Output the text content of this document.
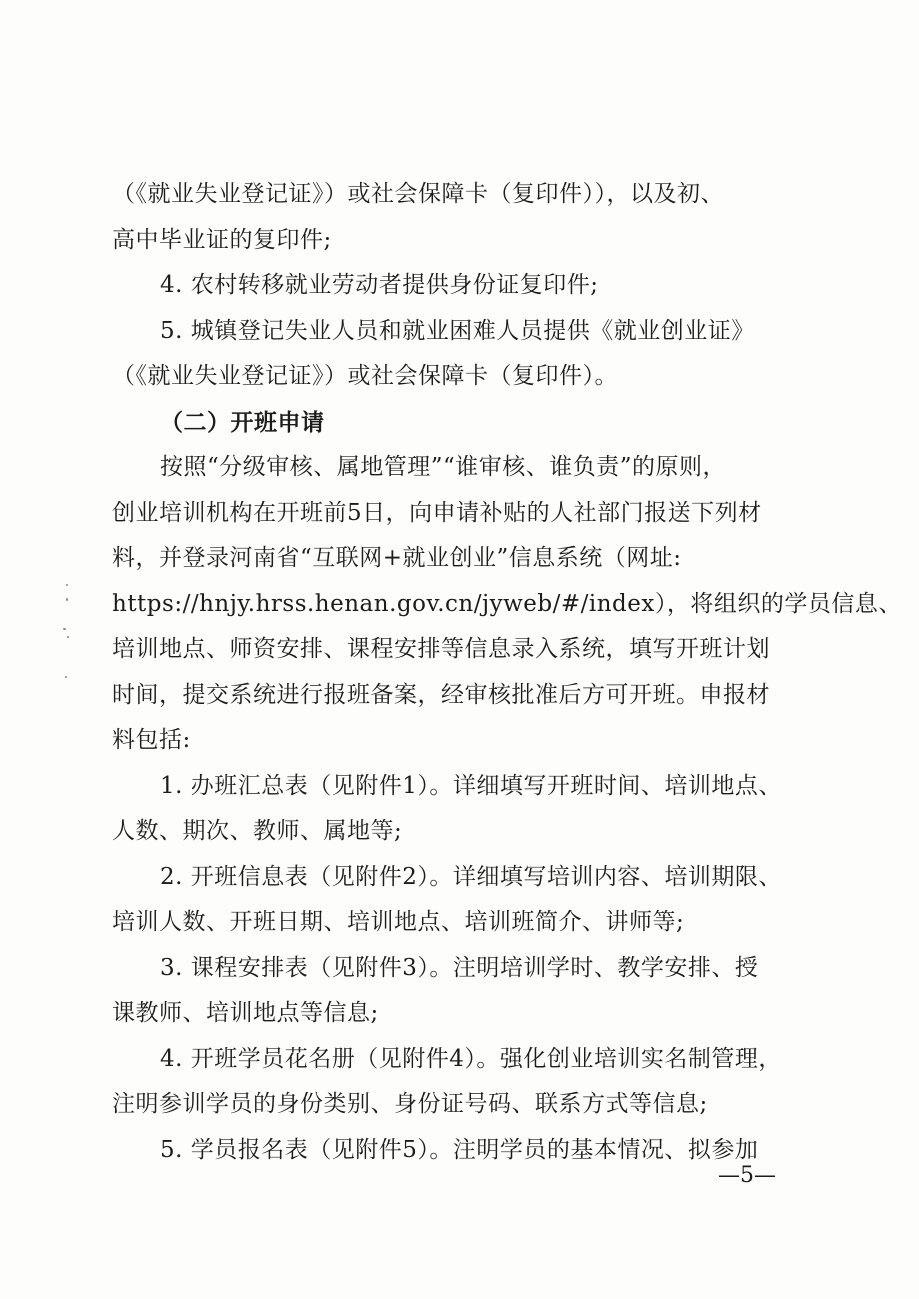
（《就业失业登记证》）或社会保障卡（复印件）），以及初、
高中毕业证的复印件;
4. 农村转移就业劳动者提供身份证复印件;
5. 城镇登记失业人员和就业困难人员提供《就业创业证》
（《就业失业登记证》）或社会保障卡（复印件）。
（二）开班申请
按照“分级审核、属地管理”“谁审核、谁负责”的原则，
创业培训机构在开班前5日，向申请补贴的人社部门报送下列材
料，并登录河南省“互联网+就业创业”信息系统（网址:
https://hnjy.hrss.henan.gov.cn/jyweb/#/index），将组织的学员信息、
培训地点、师资安排、课程安排等信息录入系统，填写开班计划
时间，提交系统进行报班备案，经审核批准后方可开班。申报材
料包括:
1. 办班汇总表（见附件1）。详细填写开班时间、培训地点、
人数、期次、教师、属地等;
2. 开班信息表（见附件2）。详细填写培训内容、培训期限、
培训人数、开班日期、培训地点、培训班简介、讲师等;
3. 课程安排表（见附件3）。注明培训学时、教学安排、授
课教师、培训地点等信息;
4. 开班学员花名册（见附件4）。强化创业培训实名制管理，
注明参训学员的身份类别、身份证号码、联系方式等信息;
5. 学员报名表（见附件5）。注明学员的基本情况、拟参加
—5—
